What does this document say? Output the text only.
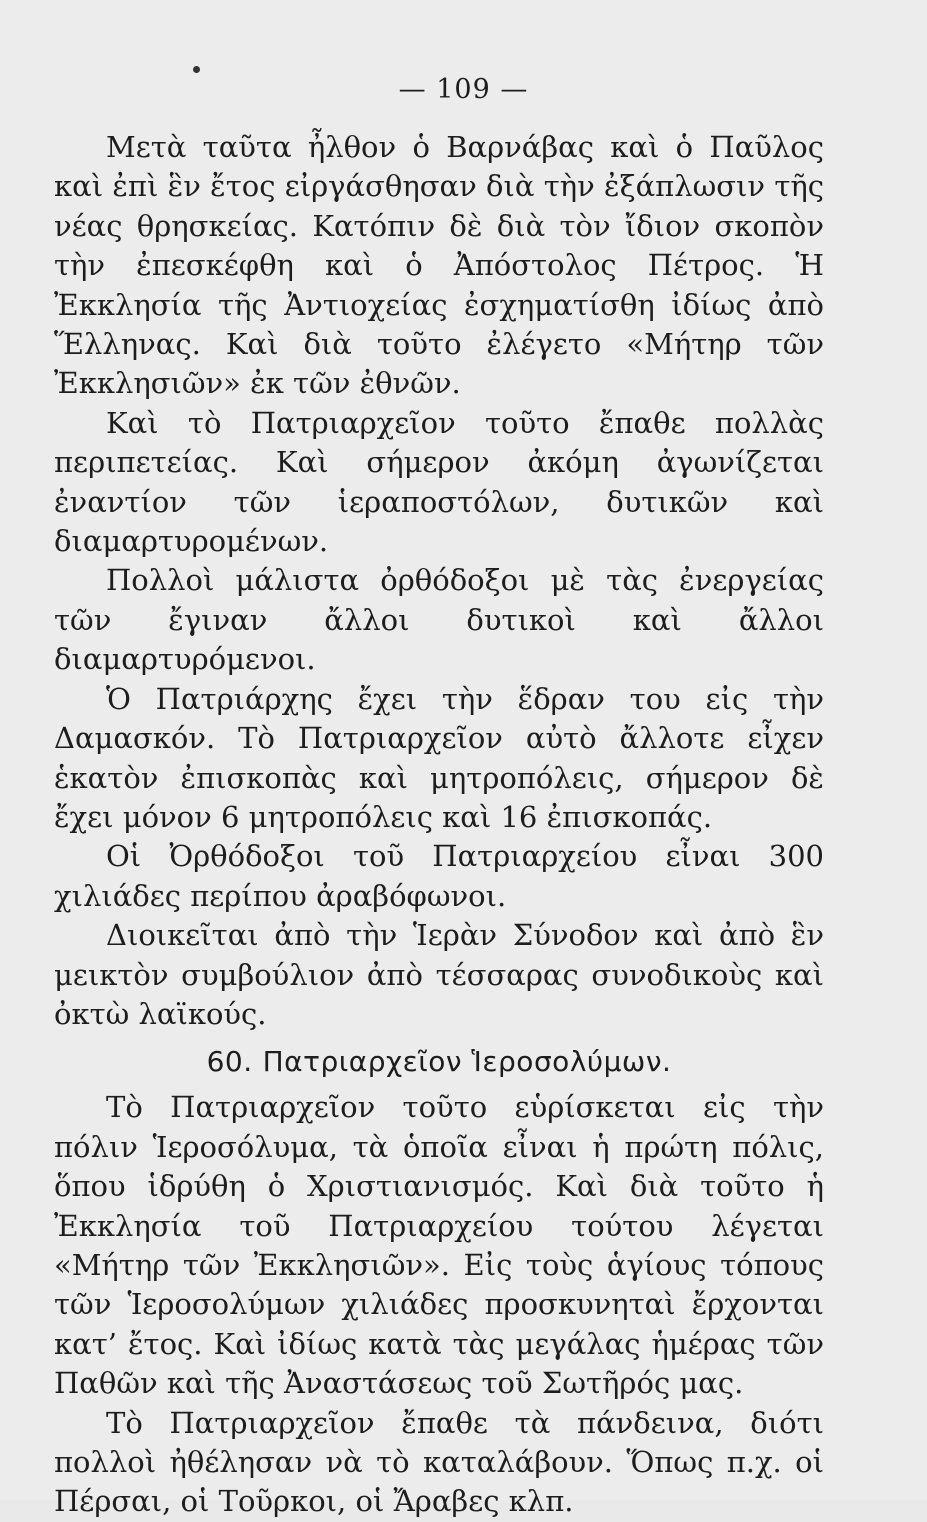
— 109 —

Μετὰ ταῦτα ἦλθον ὁ Βαρνάβας καὶ ὁ Παῦλος καὶ ἐπὶ ἓν ἔτος εἰργάσθησαν διὰ τὴν ἐξάπλωσιν τῆς νέας θρησκείας. Κατόπιν δὲ διὰ τὸν ἴδιον σκοπὸν τὴν ἐπεσκέφθη καὶ ὁ Ἀπόστολος Πέτρος. Ἡ Ἐκκλησία τῆς Ἀντιοχείας ἐσχηματίσθη ἰδίως ἀπὸ Ἕλληνας. Καὶ διὰ τοῦτο ἐλέγετο «Μήτηρ τῶν Ἐκκλησιῶν» ἐκ τῶν ἐθνῶν.

Καὶ τὸ Πατριαρχεῖον τοῦτο ἔπαθε πολλὰς περιπετείας. Καὶ σήμερον ἀκόμη ἀγωνίζεται ἐναντίον τῶν ἱεραποστόλων, δυτικῶν καὶ διαμαρτυρομένων.

Πολλοὶ μάλιστα ὀρθόδοξοι μὲ τὰς ἐνεργείας τῶν ἔγιναν ἄλλοι δυτικοὶ καὶ ἄλλοι διαμαρτυρόμενοι.

Ὁ Πατριάρχης ἔχει τὴν ἕδραν του εἰς τὴν Δαμασκόν. Τὸ Πατριαρχεῖον αὐτὸ ἄλλοτε εἶχεν ἑκατὸν ἐπισκοπὰς καὶ μητροπόλεις, σήμερον δὲ ἔχει μόνον 6 μητροπόλεις καὶ 16 ἐπισκοπάς.

Οἱ Ὀρθόδοξοι τοῦ Πατριαρχείου εἶναι 300 χιλιάδες περίπου ἀραβόφωνοι.

Διοικεῖται ἀπὸ τὴν Ἱερὰν Σύνοδον καὶ ἀπὸ ἓν μεικτὸν συμβούλιον ἀπὸ τέσσαρας συνοδικοὺς καὶ ὀκτὼ λαϊκούς.

60. Πατριαρχεῖον Ἱεροσολύμων.

Τὸ Πατριαρχεῖον τοῦτο εὑρίσκεται εἰς τὴν πόλιν Ἱεροσόλυμα, τὰ ὁποῖα εἶναι ἡ πρώτη πόλις, ὅπου ἱδρύθη ὁ Χριστιανισμός. Καὶ διὰ τοῦτο ἡ Ἐκκλησία τοῦ Πατριαρχείου τούτου λέγεται «Μήτηρ τῶν Ἐκκλησιῶν». Εἰς τοὺς ἁγίους τόπους τῶν Ἱεροσολύμων χιλιάδες προσκυνηταὶ ἔρχονται κατ’ ἔτος. Καὶ ἰδίως κατὰ τὰς μεγάλας ἡμέρας τῶν Παθῶν καὶ τῆς Ἀναστάσεως τοῦ Σωτῆρός μας.

Τὸ Πατριαρχεῖον ἔπαθε τὰ πάνδεινα, διότι πολλοὶ ἠθέλησαν νὰ τὸ καταλάβουν. Ὅπως π.χ. οἱ Πέρσαι, οἱ Τοῦρκοι, οἱ Ἄραβες κλπ.
